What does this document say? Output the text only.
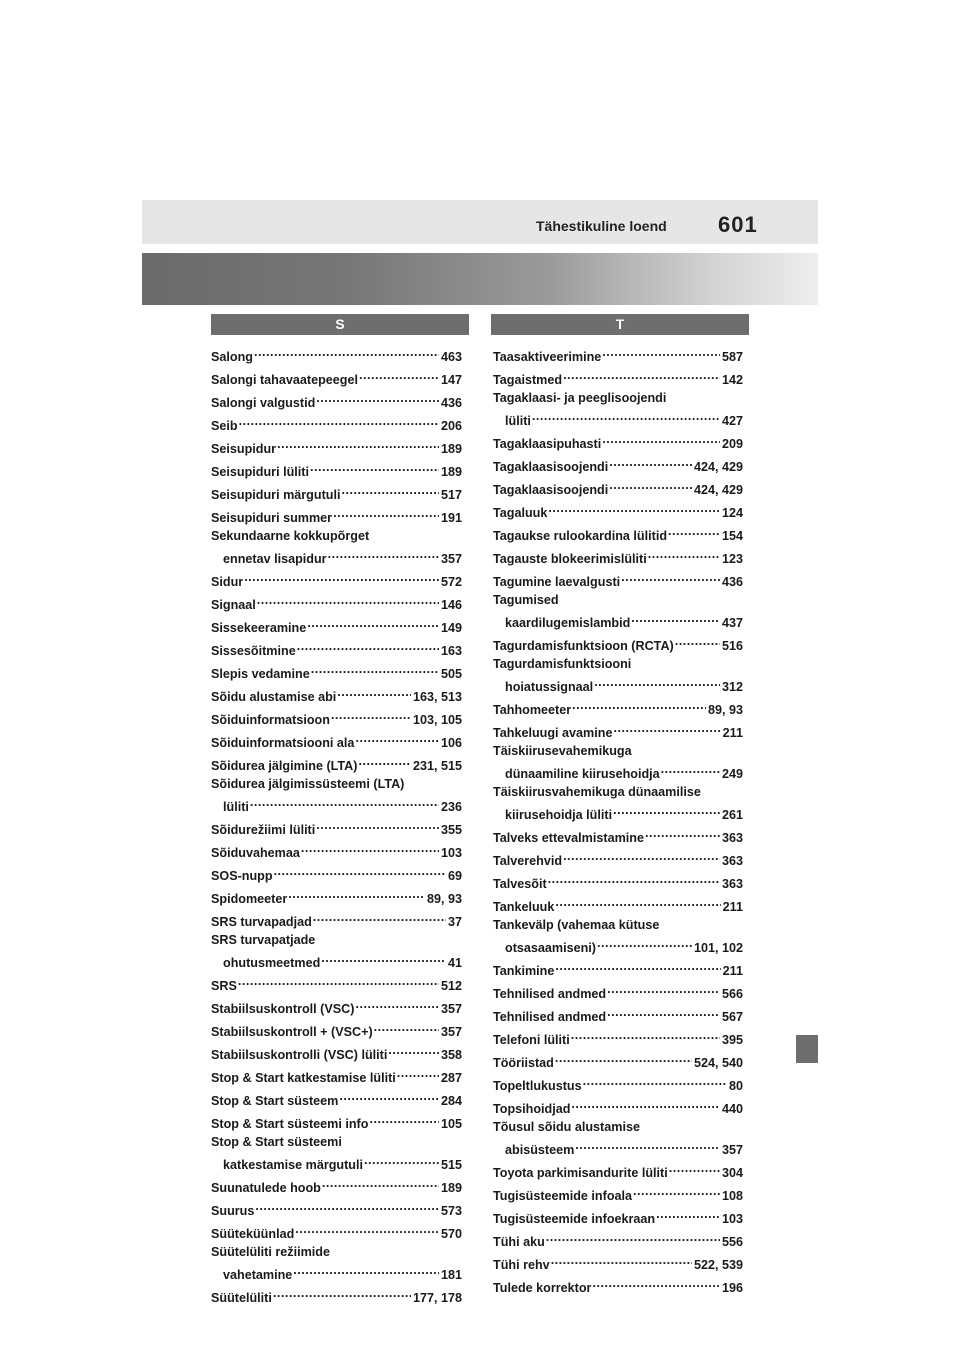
Tähestikuline loend 601
S	T
Salong .....	463
Salongi tahavaatepeegel .....	147
Salongi valgustid .....	436
Seib .....	206
Seisupidur .....	189
Seisupiduri lüliti .....	189
Seisupiduri märgutuli .....	517
Seisupiduri summer .....	191
Sekundaarne kokkupõrget
ennetav lisapidur .....	357
Sidur .....	572
Signaal .....	146
Sissekeeramine .....	149
Sissesõitmine .....	163
Slepis vedamine .....	505
Sõidu alustamise abi .....	163, 513
Sõiduinformatsioon .....	103, 105
Sõiduinformatsiooni ala .....	106
Sõidurea jälgimine (LTA) .....	231, 515
Sõidurea jälgimissüsteemi (LTA)
lüliti .....	236
Sõidurežiimi lüliti .....	355
Sõiduvahemaa .....	103
SOS-nupp .....	69
Spidomeeter .....	89, 93
SRS turvapadjad .....	37
SRS turvapatjade
ohutusmeetmed .....	41
SRS .....	512
Stabiilsuskontroll (VSC) .....	357
Stabiilsuskontroll + (VSC+) .....	357
Stabiilsuskontrolli (VSC) lüliti .....	358
Stop & Start katkestamise lüliti .....	287
Stop & Start süsteem .....	284
Stop & Start süsteemi info .....	105
Stop & Start süsteemi
katkestamise märgutuli .....	515
Suunatulede hoob .....	189
Suurus .....	573
Süüteküünlad .....	570
Süütelüliti režiimide
vahetamine .....	181
Süütelüliti .....	177, 178
Taasaktiveerimine .....	587
Tagaistmed .....	142
Tagaklaasi- ja peeglisoojendi
lüliti .....	427
Tagaklaasipuhasti .....	209
Tagaklaasisoojendi .....	424, 429
Tagaklaasisoojendi .....	424, 429
Tagaluuk .....	124
Tagaukse rulookardina lülitid .....	154
Tagauste blokeerimislüliti .....	123
Tagumine laevalgusti .....	436
Tagumised
kaardilugemislambid .....	437
Tagurdamisfunktsioon (RCTA) .....	516
Tagurdamisfunktsiooni
hoiatussignaal .....	312
Tahhomeeter .....	89, 93
Tahkeluugi avamine .....	211
Täiskiirusevahemikuga
dünaamiline kiirusehoidja .....	249
Täiskiirusvahemikuga dünaamilise
kiirusehoidja lüliti .....	261
Talveks ettevalmistamine .....	363
Talverehvid .....	363
Talvesõit .....	363
Tankeluuk .....	211
Tankevälp (vahemaa kütuse
otsasaamiseni) .....	101, 102
Tankimine .....	211
Tehnilised andmed .....	566
Tehnilised andmed .....	567
Telefoni lüliti .....	395
Tööriistad .....	524, 540
Topeltlukustus .....	80
Topsihoidjad .....	440
Tõusul sõidu alustamise
abisüsteem .....	357
Toyota parkimisandurite lüliti .....	304
Tugisüsteemide infoala .....	108
Tugisüsteemide infoekraan .....	103
Tühi aku .....	556
Tühi rehv .....	522, 539
Tulede korrektor .....	196
